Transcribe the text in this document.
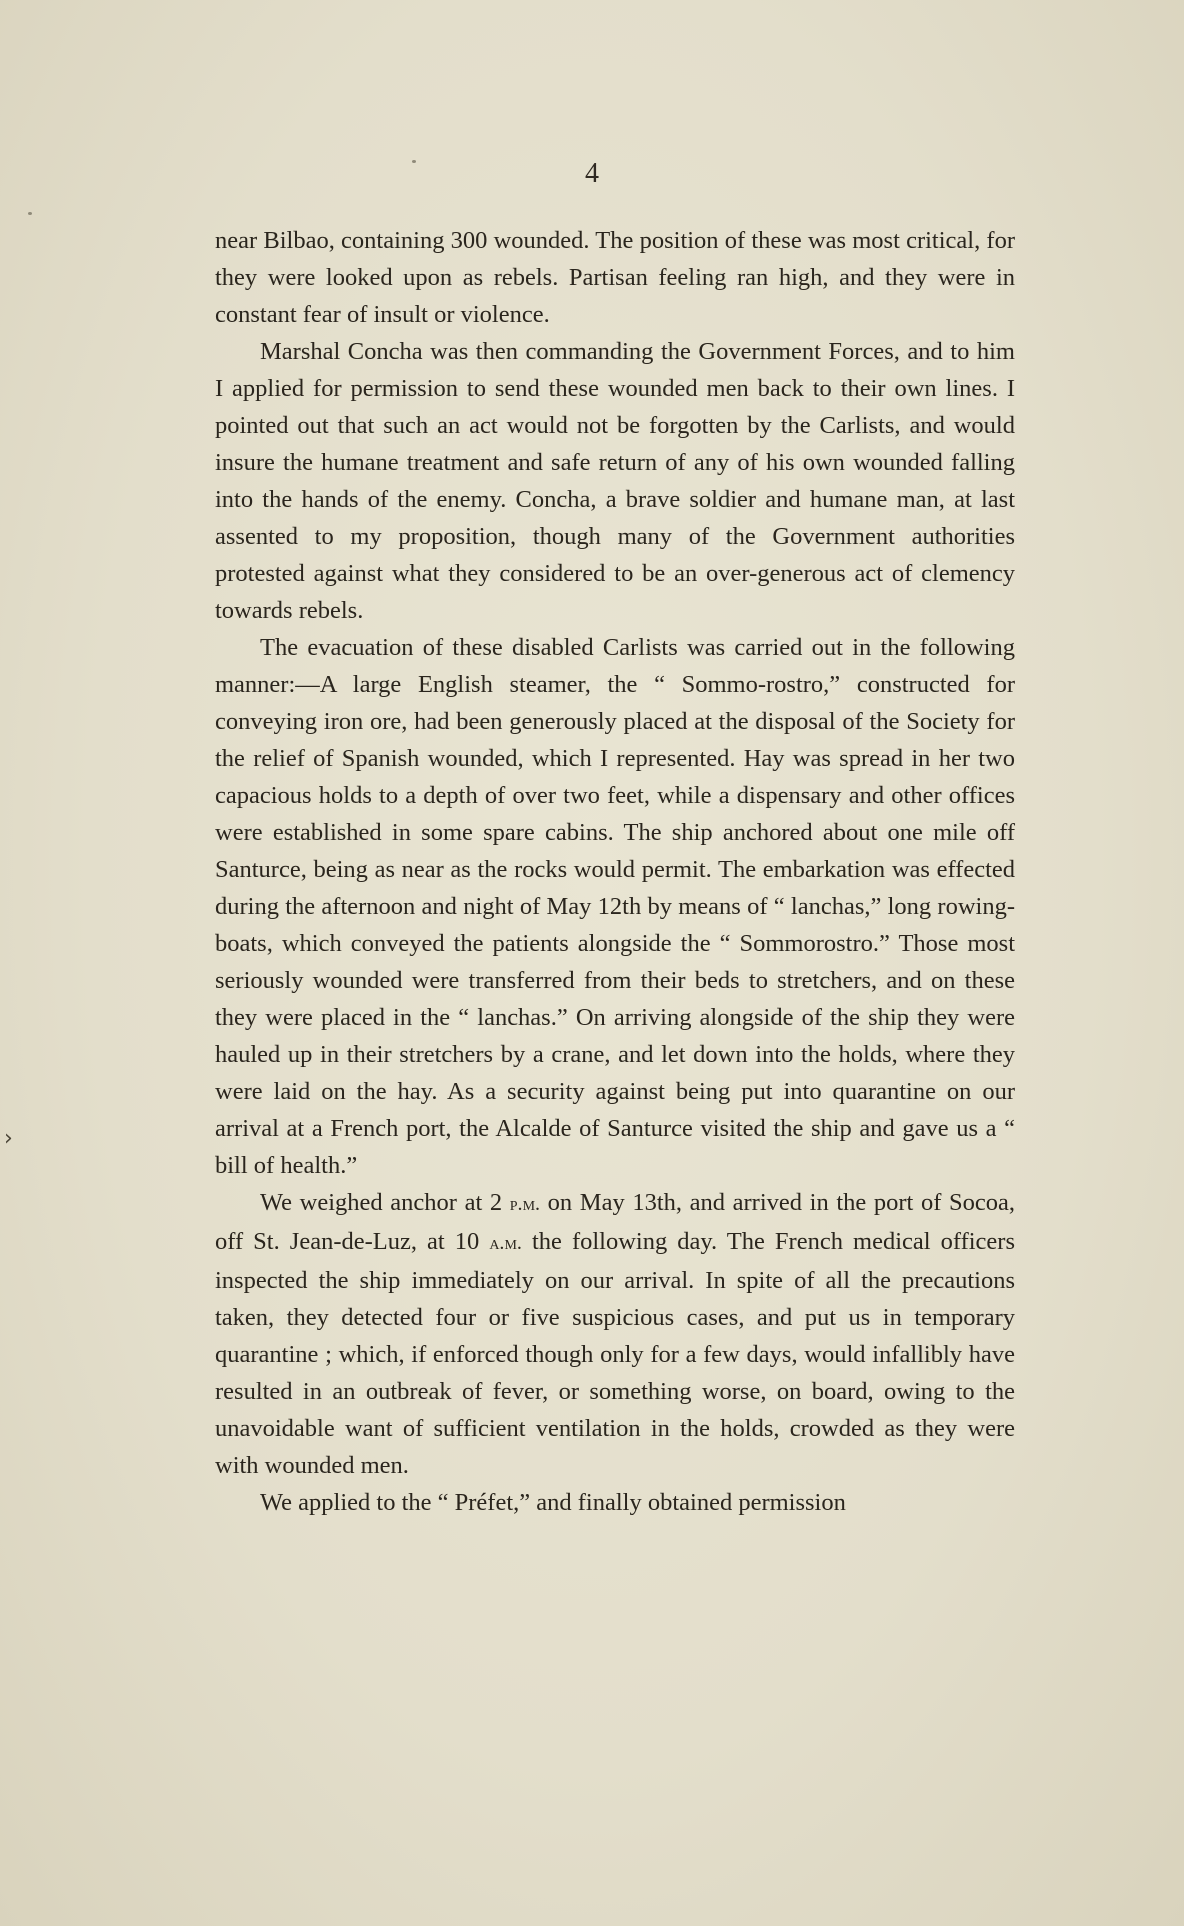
4

near Bilbao, containing 300 wounded. The position of these was most critical, for they were looked upon as rebels. Partisan feeling ran high, and they were in constant fear of insult or violence.

Marshal Concha was then commanding the Government Forces, and to him I applied for permission to send these wounded men back to their own lines. I pointed out that such an act would not be forgotten by the Carlists, and would insure the humane treatment and safe return of any of his own wounded falling into the hands of the enemy. Concha, a brave soldier and humane man, at last assented to my proposition, though many of the Government authorities protested against what they considered to be an over-generous act of clemency towards rebels.

The evacuation of these disabled Carlists was carried out in the following manner:—A large English steamer, the “ Sommo-rostro,” constructed for conveying iron ore, had been generously placed at the disposal of the Society for the relief of Spanish wounded, which I represented. Hay was spread in her two capacious holds to a depth of over two feet, while a dispensary and other offices were established in some spare cabins. The ship anchored about one mile off Santurce, being as near as the rocks would permit. The embarkation was effected during the afternoon and night of May 12th by means of “ lanchas,” long rowing-boats, which conveyed the patients alongside the “ Sommorostro.” Those most seriously wounded were transferred from their beds to stretchers, and on these they were placed in the “ lanchas.” On arriving alongside of the ship they were hauled up in their stretchers by a crane, and let down into the holds, where they were laid on the hay. As a security against being put into quarantine on our arrival at a French port, the Alcalde of Santurce visited the ship and gave us a “ bill of health.”

We weighed anchor at 2 p.m. on May 13th, and arrived in the port of Socoa, off St. Jean-de-Luz, at 10 a.m. the following day. The French medical officers inspected the ship immediately on our arrival. In spite of all the precautions taken, they detected four or five suspicious cases, and put us in temporary quarantine ; which, if enforced though only for a few days, would infallibly have resulted in an outbreak of fever, or something worse, on board, owing to the unavoidable want of sufficient ventilation in the holds, crowded as they were with wounded men.

We applied to the “ Préfet,” and finally obtained permission

›
